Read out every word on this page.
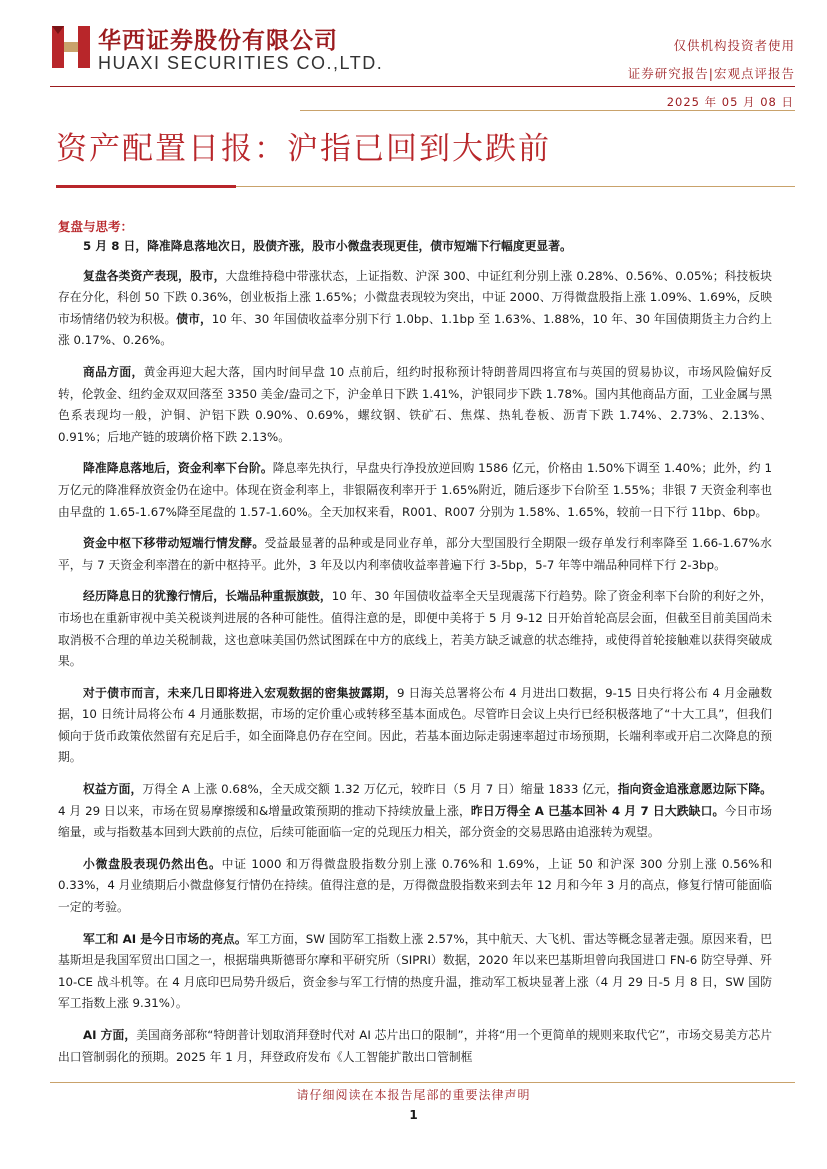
华西证券股份有限公司
HUAXI SECURITIES CO.,LTD.
仅供机构投资者使用
证券研究报告|宏观点评报告
2025 年 05 月 08 日
资产配置日报：沪指已回到大跌前
复盘与思考：

5 月 8 日，降准降息落地次日，股债齐涨，股市小微盘表现更佳，债市短端下行幅度更显著。

复盘各类资产表现，股市，大盘维持稳中带涨状态，上证指数、沪深 300、中证红利分别上涨 0.28%、0.56%、0.05%；科技板块存在分化，科创 50 下跌 0.36%，创业板指上涨 1.65%；小微盘表现较为突出，中证 2000、万得微盘股指上涨 1.09%、1.69%，反映市场情绪仍较为积极。债市，10 年、30 年国债收益率分别下行 1.0bp、1.1bp 至 1.63%、1.88%，10 年、30 年国债期货主力合约上涨 0.17%、0.26%。

商品方面，黄金再迎大起大落，国内时间早盘 10 点前后，纽约时报称预计特朗普周四将宣布与英国的贸易协议，市场风险偏好反转，伦敦金、纽约金双双回落至 3350 美金/盎司之下，沪金单日下跌 1.41%，沪银同步下跌 1.78%。国内其他商品方面，工业金属与黑色系表现均一般，沪铜、沪铝下跌 0.90%、0.69%，螺纹钢、铁矿石、焦煤、热轧卷板、沥青下跌 1.74%、2.73%、2.13%、0.91%；后地产链的玻璃价格下跌 2.13%。

降准降息落地后，资金利率下台阶。降息率先执行，早盘央行净投放逆回购 1586 亿元，价格由 1.50%下调至 1.40%；此外，约 1 万亿元的降准释放资金仍在途中。体现在资金利率上，非银隔夜利率开于 1.65%附近，随后逐步下台阶至 1.55%；非银 7 天资金利率也由早盘的 1.65-1.67%降至尾盘的 1.57-1.60%。全天加权来看，R001、R007 分别为 1.58%、1.65%，较前一日下行 11bp、6bp。

资金中枢下移带动短端行情发酵。受益最显著的品种或是同业存单，部分大型国股行全期限一级存单发行利率降至 1.66-1.67%水平，与 7 天资金利率潜在的新中枢持平。此外，3 年及以内利率债收益率普遍下行 3-5bp，5-7 年等中端品种同样下行 2-3bp。

经历降息日的犹豫行情后，长端品种重振旗鼓，10 年、30 年国债收益率全天呈现震荡下行趋势。除了资金利率下台阶的利好之外，市场也在重新审视中美关税谈判进展的各种可能性。值得注意的是，即便中美将于 5 月 9-12 日开始首轮高层会面，但截至目前美国尚未取消极不合理的单边关税制裁，这也意味美国仍然试图踩在中方的底线上，若美方缺乏诚意的状态维持，或使得首轮接触难以获得突破成果。

对于债市而言，未来几日即将进入宏观数据的密集披露期，9 日海关总署将公布 4 月进出口数据，9-15 日央行将公布 4 月金融数据，10 日统计局将公布 4 月通胀数据，市场的定价重心或转移至基本面成色。尽管昨日会议上央行已经积极落地了“十大工具”，但我们倾向于货币政策依然留有充足后手，如全面降息仍存在空间。因此，若基本面边际走弱速率超过市场预期，长端利率或开启二次降息的预期。

权益方面，万得全 A 上涨 0.68%，全天成交额 1.32 万亿元，较昨日（5 月 7 日）缩量 1833 亿元，指向资金追涨意愿边际下降。4 月 29 日以来，市场在贸易摩擦缓和&增量政策预期的推动下持续放量上涨，昨日万得全 A 已基本回补 4 月 7 日大跌缺口。今日市场缩量，或与指数基本回到大跌前的点位，后续可能面临一定的兑现压力相关，部分资金的交易思路由追涨转为观望。

小微盘股表现仍然出色。中证 1000 和万得微盘股指数分别上涨 0.76%和 1.69%，上证 50 和沪深 300 分别上涨 0.56%和 0.33%，4 月业绩期后小微盘修复行情仍在持续。值得注意的是，万得微盘股指数来到去年 12 月和今年 3 月的高点，修复行情可能面临一定的考验。

军工和 AI 是今日市场的亮点。军工方面，SW 国防军工指数上涨 2.57%，其中航天、大飞机、雷达等概念显著走强。原因来看，巴基斯坦是我国军贸出口国之一，根据瑞典斯德哥尔摩和平研究所（SIPRI）数据，2020 年以来巴基斯坦曾向我国进口 FN-6 防空导弹、歼 10-CE 战斗机等。在 4 月底印巴局势升级后，资金参与军工行情的热度升温，推动军工板块显著上涨（4 月 29 日-5 月 8 日，SW 国防军工指数上涨 9.31%）。

AI 方面，美国商务部称“特朗普计划取消拜登时代对 AI 芯片出口的限制”，并将“用一个更简单的规则来取代它”，市场交易美方芯片出口管制弱化的预期。2025 年 1 月，拜登政府发布《人工智能扩散出口管制框

请仔细阅读在本报告尾部的重要法律声明
1
